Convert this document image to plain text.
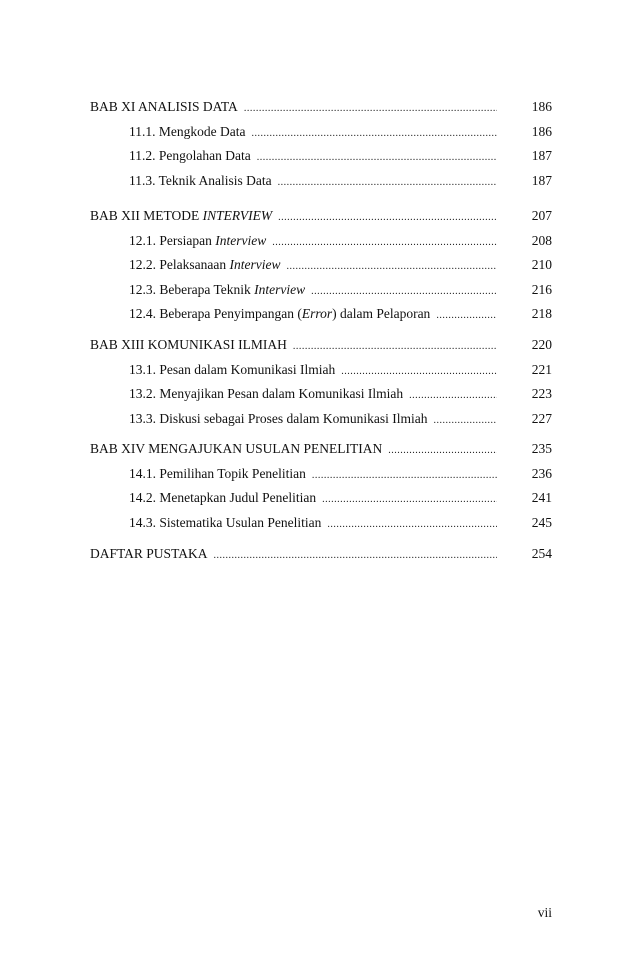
BAB XI ANALISIS DATA .....	186
11.1. Mengkode Data .....	186
11.2. Pengolahan Data .....	187
11.3. Teknik Analisis Data .....	187
BAB XII METODE INTERVIEW .....	207
12.1. Persiapan Interview .....	208
12.2. Pelaksanaan Interview .....	210
12.3. Beberapa Teknik Interview .....	216
12.4. Beberapa Penyimpangan (Error) dalam Pelaporan .....	218
BAB XIII KOMUNIKASI ILMIAH .....	220
13.1. Pesan dalam Komunikasi Ilmiah .....	221
13.2. Menyajikan Pesan dalam Komunikasi Ilmiah .....	223
13.3. Diskusi sebagai Proses dalam Komunikasi Ilmiah .....	227
BAB XIV MENGAJUKAN USULAN PENELITIAN .....	235
14.1. Pemilihan Topik Penelitian .....	236
14.2. Menetapkan Judul Penelitian .....	241
14.3. Sistematika Usulan Penelitian .....	245
DAFTAR PUSTAKA .....	254
vii
